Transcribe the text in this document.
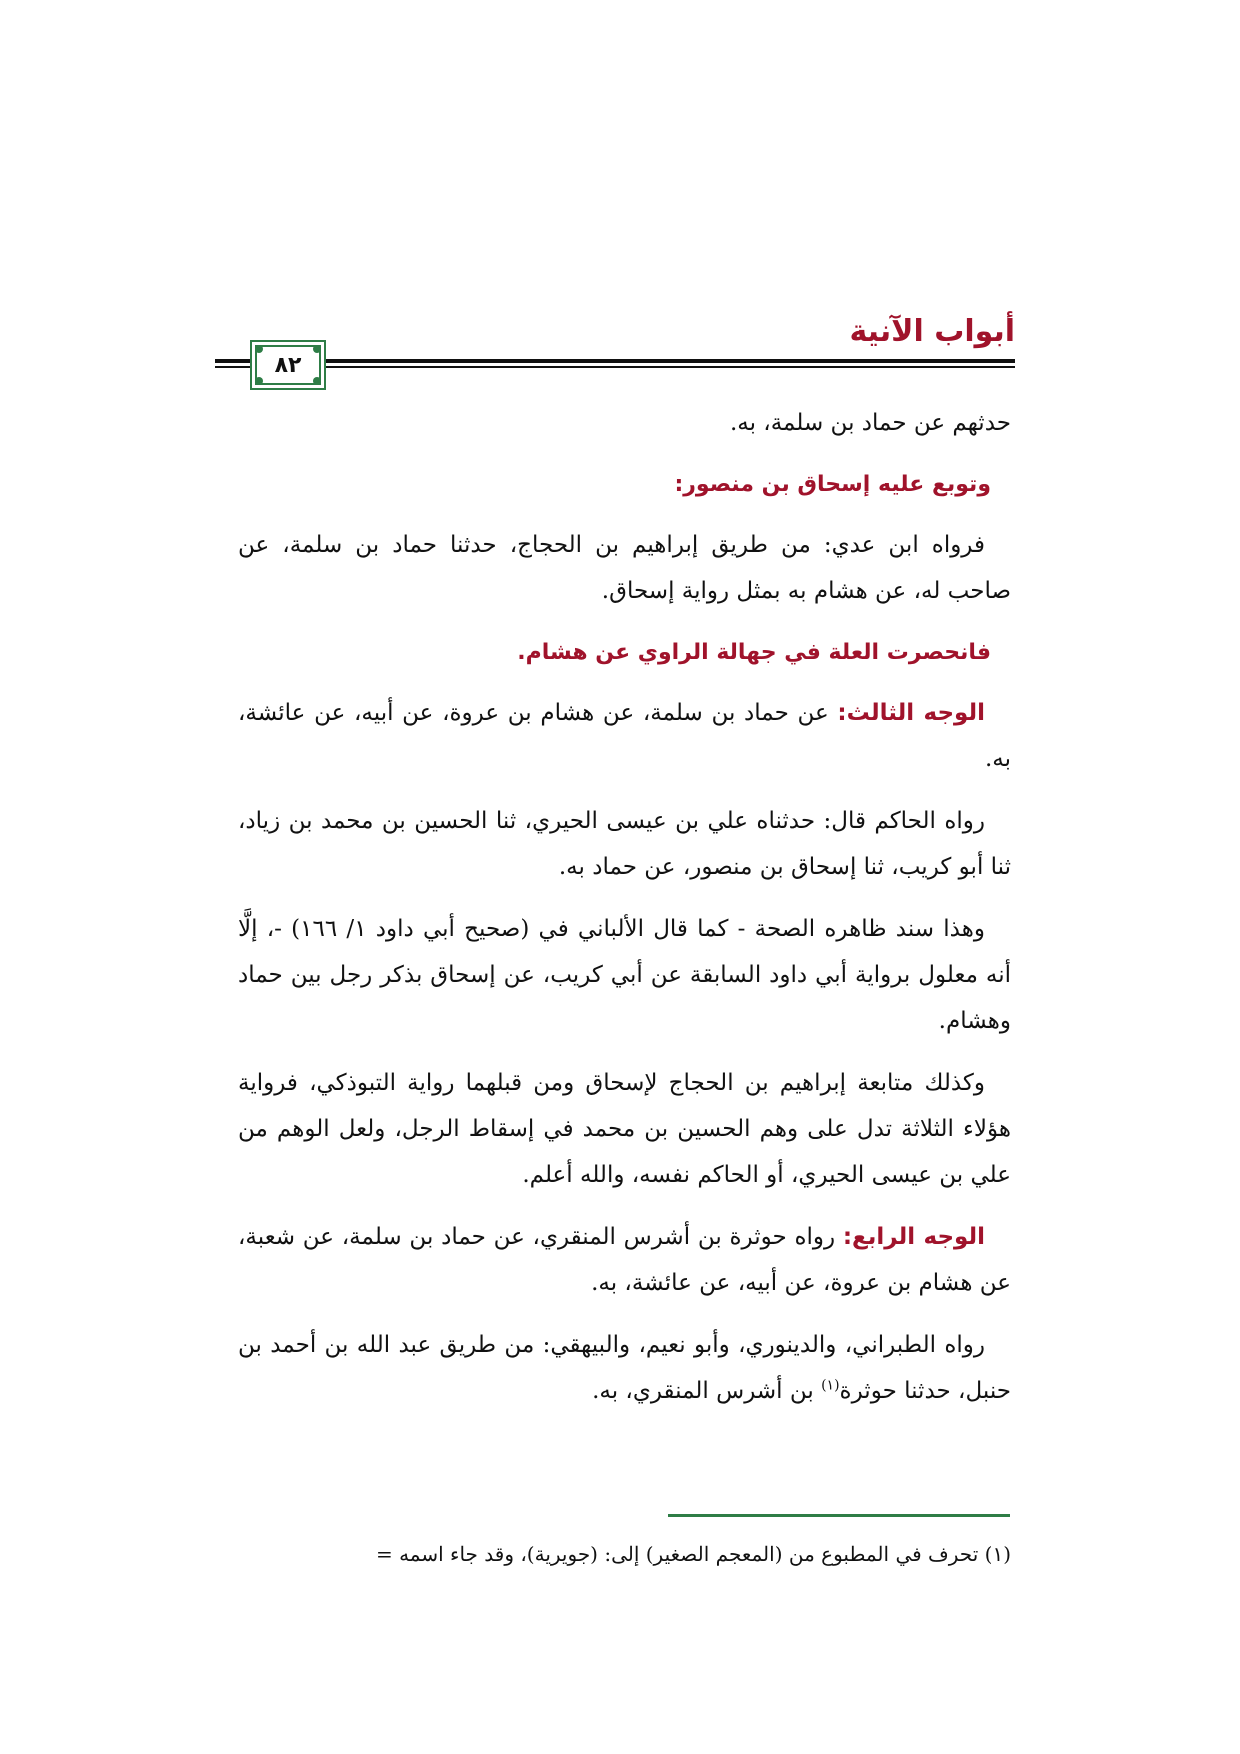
أبواب الآنية
٨٢

حدثهم عن حماد بن سلمة، به.

وتوبع عليه إسحاق بن منصور:

فرواه ابن عدي: من طريق إبراهيم بن الحجاج، حدثنا حماد بن سلمة، عن صاحب له، عن هشام به بمثل رواية إسحاق.

فانحصرت العلة في جهالة الراوي عن هشام.

الوجه الثالث: عن حماد بن سلمة، عن هشام بن عروة، عن أبيه، عن عائشة، به.

رواه الحاكم قال: حدثناه علي بن عيسى الحيري، ثنا الحسين بن محمد بن زياد، ثنا أبو كريب، ثنا إسحاق بن منصور، عن حماد به.

وهذا سند ظاهره الصحة - كما قال الألباني في (صحيح أبي داود ١/ ١٦٦) -، إلَّا أنه معلول برواية أبي داود السابقة عن أبي كريب، عن إسحاق بذكر رجل بين حماد وهشام.

وكذلك متابعة إبراهيم بن الحجاج لإسحاق ومن قبلهما رواية التبوذكي، فرواية هؤلاء الثلاثة تدل على وهم الحسين بن محمد في إسقاط الرجل، ولعل الوهم من علي بن عيسى الحيري، أو الحاكم نفسه، والله أعلم.

الوجه الرابع: رواه حوثرة بن أشرس المنقري، عن حماد بن سلمة، عن شعبة، عن هشام بن عروة، عن أبيه، عن عائشة، به.

رواه الطبراني، والدينوري، وأبو نعيم، والبيهقي: من طريق عبد الله بن أحمد بن حنبل، حدثنا حوثرة$^{(١)}$ بن أشرس المنقري، به.

(١) تحرف في المطبوع من (المعجم الصغير) إلى: (جويرية)، وقد جاء اسمه =
